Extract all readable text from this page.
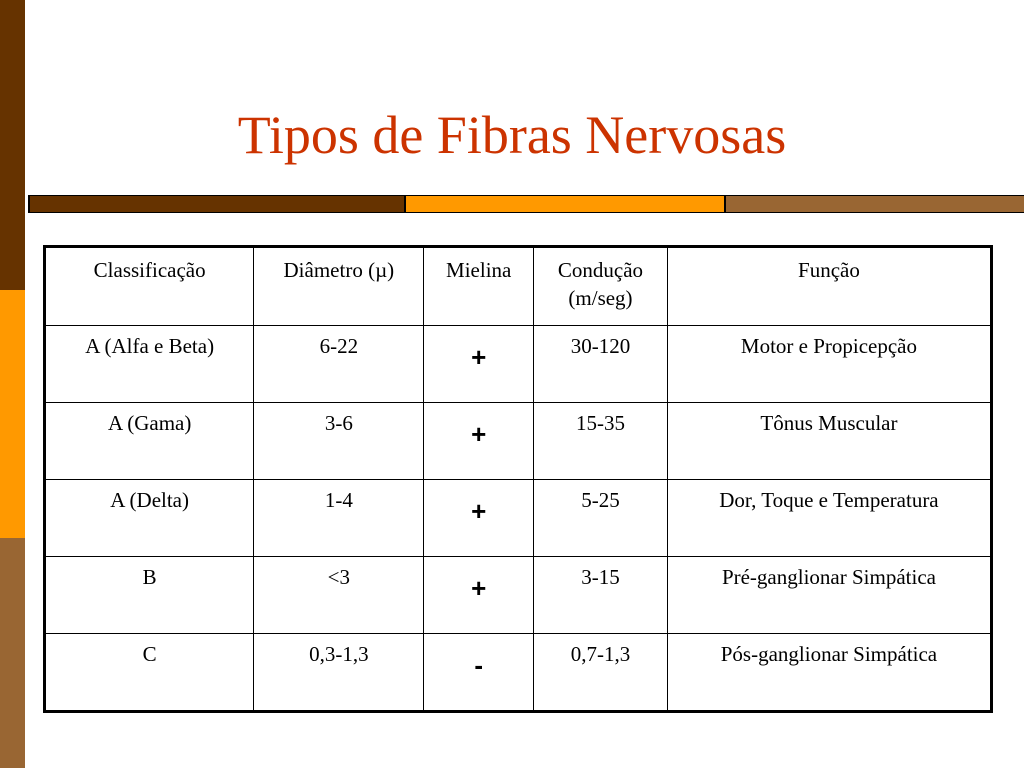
Tipos de Fibras Nervosas
Classificação	Diâmetro (µ)	Mielina	Condução (m/seg)	Função
A (Alfa e Beta)	6-22	+	30-120	Motor e Propicepção
A (Gama)	3-6	+	15-35	Tônus Muscular
A (Delta)	1-4	+	5-25	Dor, Toque e Temperatura
B	<3	+	3-15	Pré-ganglionar Simpática
C	0,3-1,3	-	0,7-1,3	Pós-ganglionar Simpática
